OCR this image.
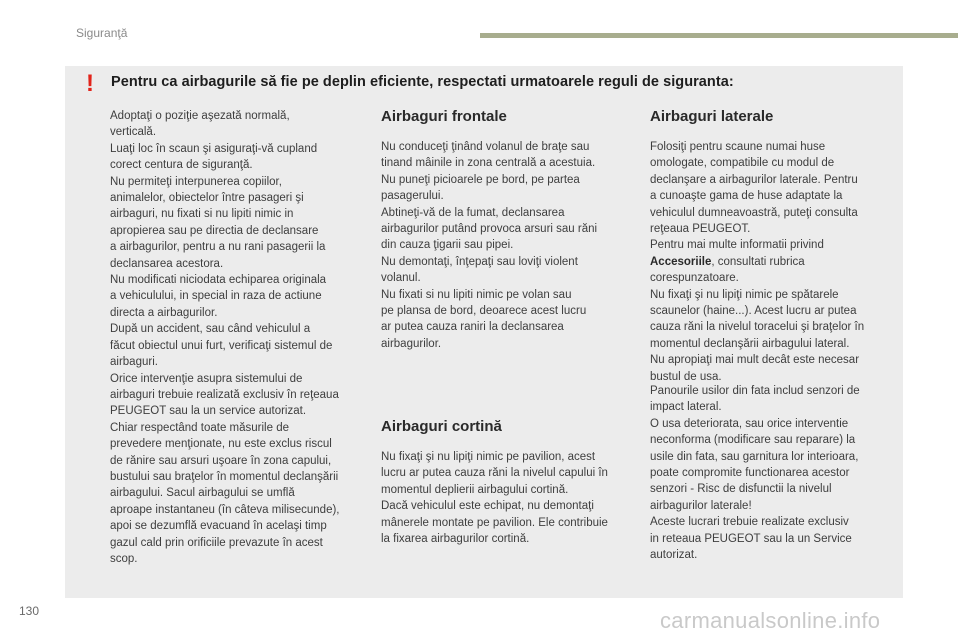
Siguranţă
! Pentru ca airbagurile să fie pe deplin eficiente, respectati urmatoarele reguli de siguranta:

Adoptaţi o poziţie aşezată normală,
verticală.
Luaţi loc în scaun şi asiguraţi-vă cupland
corect centura de siguranţă.
Nu permiteţi interpunerea copiilor,
animalelor, obiectelor între pasageri şi
airbaguri, nu fixati si nu lipiti nimic in
apropierea sau pe directia de declansare
a airbagurilor, pentru a nu rani pasagerii la
declansarea acestora.
Nu modificati niciodata echiparea originala
a vehiculului, in special in raza de actiune
directa a airbagurilor.
După un accident, sau când vehiculul a
făcut obiectul unui furt, verificaţi sistemul de
airbaguri.
Orice intervenţie asupra sistemului de
airbaguri trebuie realizată exclusiv în reţeaua
PEUGEOT sau la un service autorizat.
Chiar respectând toate măsurile de
prevedere menţionate, nu este exclus riscul
de rănire sau arsuri uşoare în zona capului,
bustului sau braţelor în momentul declanşării
airbagului. Sacul airbagului se umflă
aproape instantaneu (în câteva milisecunde),
apoi se dezumflă evacuand în acelaşi timp
gazul cald prin orificiile prevazute în acest
scop.

Airbaguri frontale

Nu conduceţi ţinând volanul de braţe sau
tinand mâinile in zona centrală a acestuia.
Nu puneţi picioarele pe bord, pe partea
pasagerului.
Abtineţi-vă de la fumat, declansarea
airbagurilor putând provoca arsuri sau răni
din cauza ţigarii sau pipei.
Nu demontaţi, înţepaţi sau loviţi violent
volanul.
Nu fixati si nu lipiti nimic pe volan sau
pe plansa de bord, deoarece acest lucru
ar putea cauza raniri la declansarea
airbagurilor.

Airbaguri cortină

Nu fixaţi şi nu lipiţi nimic pe pavilion, acest
lucru ar putea cauza răni la nivelul capului în
momentul deplierii airbagului cortină.
Dacă vehiculul este echipat, nu demontaţi
mânerele montate pe pavilion. Ele contribuie
la fixarea airbagurilor cortină.

Airbaguri laterale

Folosiţi pentru scaune numai huse
omologate, compatibile cu modul de
declanşare a airbagurilor laterale. Pentru
a cunoaşte gama de huse adaptate la
vehiculul dumneavoastră, puteţi consulta
reţeaua PEUGEOT.
Pentru mai multe informatii privind
Accesoriile, consultati rubrica
corespunzatoare.
Nu fixaţi şi nu lipiţi nimic pe spătarele
scaunelor (haine...). Acest lucru ar putea
cauza răni la nivelul toracelui şi braţelor în
momentul declanşării airbagului lateral.
Nu apropiaţi mai mult decât este necesar
bustul de usa.

Panourile usilor din fata includ senzori de
impact lateral.
O usa deteriorata, sau orice interventie
neconforma (modificare sau reparare) la
usile din fata, sau garnitura lor interioara,
poate compromite functionarea acestor
senzori - Risc de disfunctii la nivelul
airbagurilor laterale!
Aceste lucrari trebuie realizate exclusiv
in reteaua PEUGEOT sau la un Service
autorizat.

130	carmanualsonline.info
